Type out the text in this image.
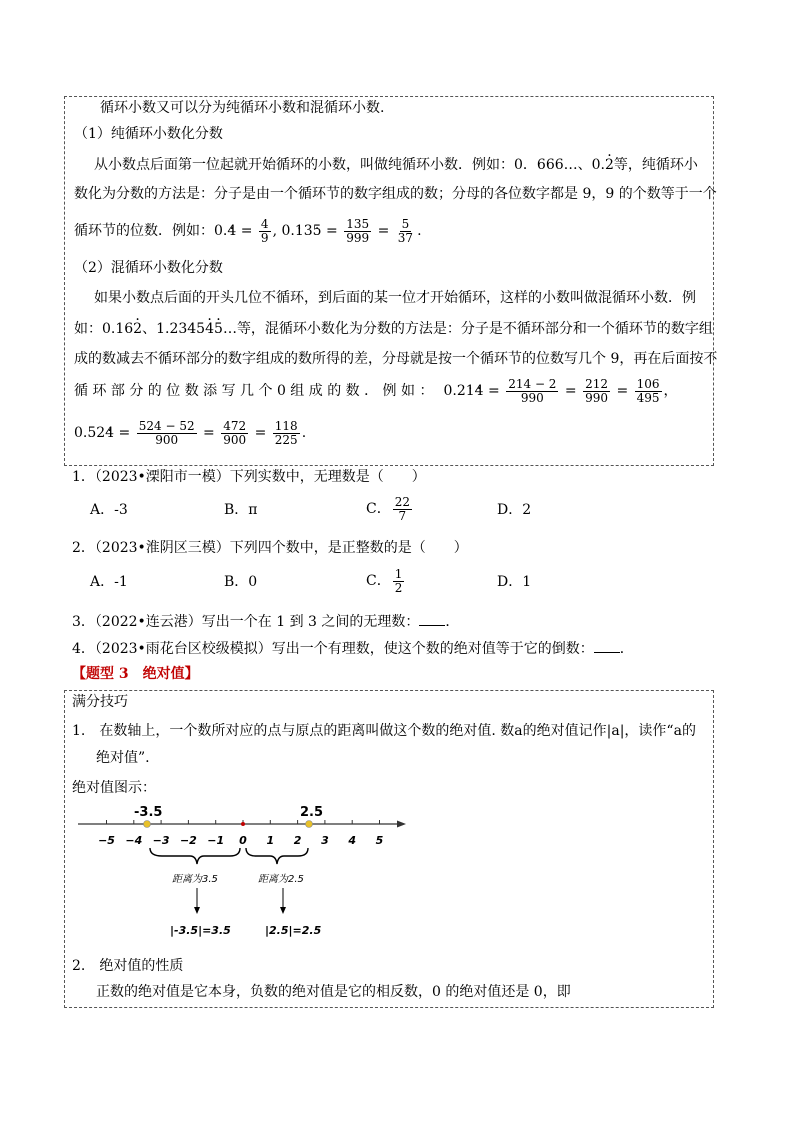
循环小数又可以分为纯循环小数和混循环小数.
（1）纯循环小数化分数
从小数点后面第一位起就开始循环的小数，叫做纯循环小数．例如：0．666…、0.2 ·等，纯循环小
数化为分数的方法是：分子是由一个循环节的数字组成的数；分母的各位数字都是 9，9 的个数等于一个
循环节的位数．例如：0.4 · = $\frac{4}{9}$ , 0.1 ·35 · = $\frac{135}{999} = \frac{5}{37}$ .
（2）混循环小数化分数
如果小数点后面的开头几位不循环，到后面的某一位才开始循环，这样的小数叫做混循环小数．例
如：0.162 ·、1.23454 ·5 ·…等，混循环小数化为分数的方法是：分子是不循环部分和一个循环节的数字组
成的数减去不循环部分的数字组成的数所得的差，分母就是按一个循环节的位数写几个 9，再在后面按不
循 环 部 分 的 位 数 添 写 几 个 0 组 成 的 数 ． 例 如 ： 0.21 ·4 · = $\frac{214 - 2}{990} = \frac{212}{990} = \frac{106}{495}$ ，
0.524 · = $\frac{524 - 52}{900} = \frac{472}{900} = \frac{118}{225}$ .
1．（2023•溧阳市一模）下列实数中，无理数是（　　）
A．-3	B．π	C． $\frac{22}{7}$	D．2
2．（2023•淮阴区三模）下列四个数中，是正整数的是（　　）
A．-1	B．0	C． $\frac{1}{2}$	D．1
3．（2022•连云港）写出一个在 1 到 3 之间的无理数： ．
4．（2023•雨花台区校级模拟）写出一个有理数，使这个数的绝对值等于它的倒数： ．
【题型 3　绝对值】
满分技巧
1.　在数轴上，一个数所对应的点与原点的距离叫做这个数的绝对值. 数a的绝对值记作|a|，读作“a的
绝对值”.
绝对值图示：
−5 −4 −3 −2 −1 0 1 2 3 4 5
-3.5	2.5
距离为3.5	距离为2.5
|-3.5|=3.5	|2.5|=2.5
2.　绝对值的性质
正数的绝对值是它本身，负数的绝对值是它的相反数，0 的绝对值还是 0，即
